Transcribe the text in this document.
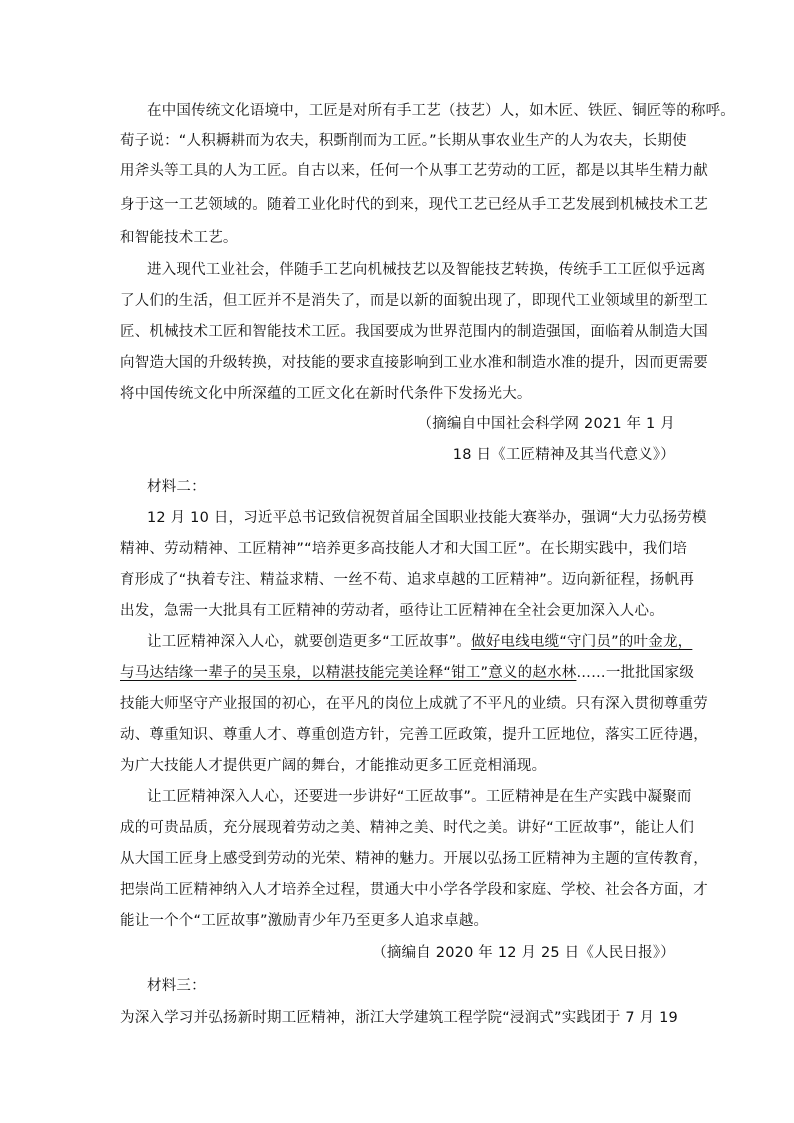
在中国传统文化语境中，工匠是对所有手工艺（技艺）人，如木匠、铁匠、铜匠等的称呼。
荀子说：“人积耨耕而为农夫，积斲削而为工匠。”长期从事农业生产的人为农夫，长期使
用斧头等工具的人为工匠。自古以来，任何一个从事工艺劳动的工匠，都是以其毕生精力献
身于这一工艺领域的。随着工业化时代的到来，现代工艺已经从手工艺发展到机械技术工艺
和智能技术工艺。
进入现代工业社会，伴随手工艺向机械技艺以及智能技艺转换，传统手工工匠似乎远离
了人们的生活，但工匠并不是消失了，而是以新的面貌出现了，即现代工业领域里的新型工
匠、机械技术工匠和智能技术工匠。我国要成为世界范围内的制造强国，面临着从制造大国
向智造大国的升级转换，对技能的要求直接影响到工业水准和制造水准的提升，因而更需要
将中国传统文化中所深蕴的工匠文化在新时代条件下发扬光大。
（摘编自中国社会科学网 2021 年 1 月
18 日《工匠精神及其当代意义》）
材料二：
12 月 10 日，习近平总书记致信祝贺首届全国职业技能大赛举办，强调“大力弘扬劳模
精神、劳动精神、工匠精神”“培养更多高技能人才和大国工匠”。在长期实践中，我们培
育形成了“执着专注、精益求精、一丝不苟、追求卓越的工匠精神”。迈向新征程，扬帆再
出发，急需一大批具有工匠精神的劳动者，亟待让工匠精神在全社会更加深入人心。
让工匠精神深入人心，就要创造更多“工匠故事”。做好电线电缆“守门员”的叶金龙，
与马达结缘一辈子的吴玉泉，以精湛技能完美诠释“钳工”意义的赵水林……一批批国家级
技能大师坚守产业报国的初心，在平凡的岗位上成就了不平凡的业绩。只有深入贯彻尊重劳
动、尊重知识、尊重人才、尊重创造方针，完善工匠政策，提升工匠地位，落实工匠待遇，
为广大技能人才提供更广阔的舞台，才能推动更多工匠竞相涌现。
让工匠精神深入人心，还要进一步讲好“工匠故事”。工匠精神是在生产实践中凝聚而
成的可贵品质，充分展现着劳动之美、精神之美、时代之美。讲好“工匠故事”，能让人们
从大国工匠身上感受到劳动的光荣、精神的魅力。开展以弘扬工匠精神为主题的宣传教育，
把崇尚工匠精神纳入人才培养全过程，贯通大中小学各学段和家庭、学校、社会各方面，才
能让一个个“工匠故事”激励青少年乃至更多人追求卓越。
（摘编自 2020 年 12 月 25 日《人民日报》）
材料三：
为深入学习并弘扬新时期工匠精神，浙江大学建筑工程学院“浸润式”实践团于 7 月 19
